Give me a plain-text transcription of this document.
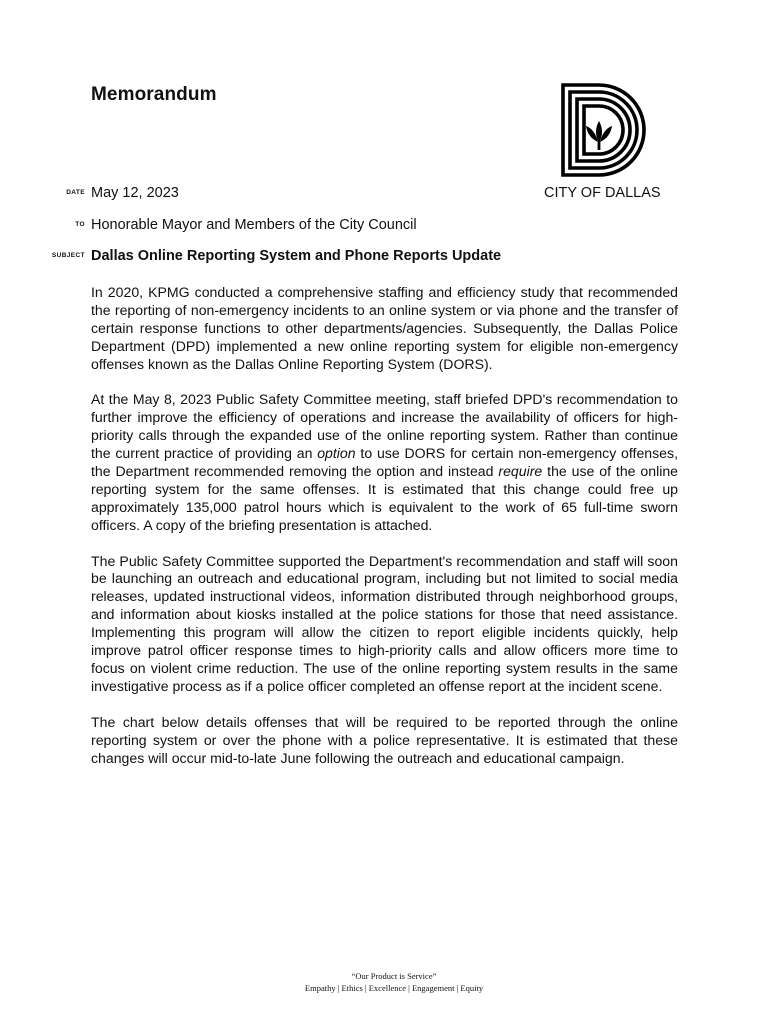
Memorandum
CITY OF DALLAS
DATE May 12, 2023
TO Honorable Mayor and Members of the City Council
SUBJECT Dallas Online Reporting System and Phone Reports Update

In 2020, KPMG conducted a comprehensive staffing and efficiency study that recommended the reporting of non-emergency incidents to an online system or via phone and the transfer of certain response functions to other departments/agencies. Subsequently, the Dallas Police Department (DPD) implemented a new online reporting system for eligible non-emergency offenses known as the Dallas Online Reporting System (DORS).

At the May 8, 2023 Public Safety Committee meeting, staff briefed DPD's recommendation to further improve the efficiency of operations and increase the availability of officers for high-priority calls through the expanded use of the online reporting system. Rather than continue the current practice of providing an option to use DORS for certain non-emergency offenses, the Department recommended removing the option and instead require the use of the online reporting system for the same offenses. It is estimated that this change could free up approximately 135,000 patrol hours which is equivalent to the work of 65 full-time sworn officers. A copy of the briefing presentation is attached.

The Public Safety Committee supported the Department's recommendation and staff will soon be launching an outreach and educational program, including but not limited to social media releases, updated instructional videos, information distributed through neighborhood groups, and information about kiosks installed at the police stations for those that need assistance. Implementing this program will allow the citizen to report eligible incidents quickly, help improve patrol officer response times to high-priority calls and allow officers more time to focus on violent crime reduction. The use of the online reporting system results in the same investigative process as if a police officer completed an offense report at the incident scene.

The chart below details offenses that will be required to be reported through the online reporting system or over the phone with a police representative. It is estimated that these changes will occur mid-to-late June following the outreach and educational campaign.

“Our Product is Service”
Empathy | Ethics | Excellence | Engagement | Equity
